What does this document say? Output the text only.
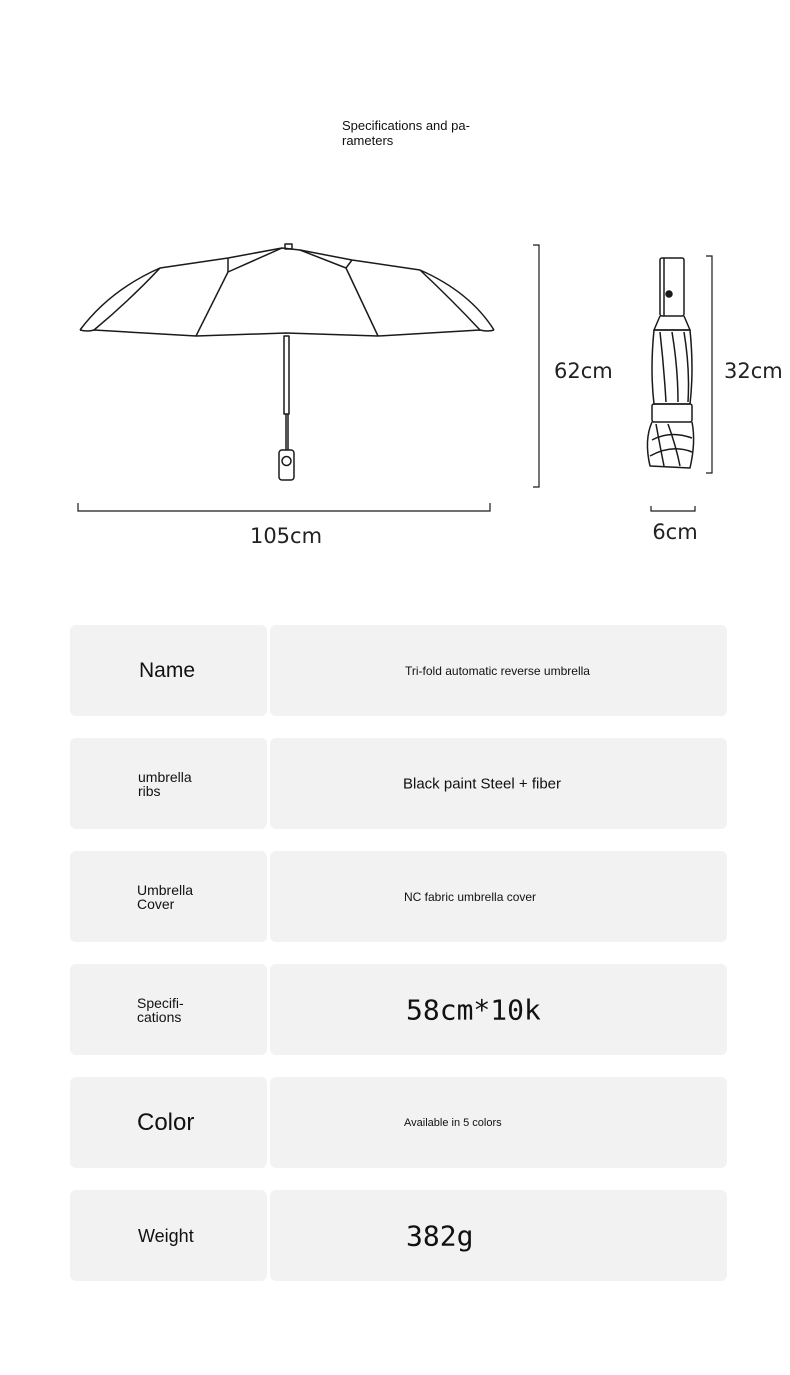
Specifications and pa-
rameters
105cm
62cm	32cm
6cm
Name	Tri-fold automatic reverse umbrella
umbrella
ribs	Black paint Steel + fiber
Umbrella
Cover	NC fabric umbrella cover
Specifi-
cations	58cm*10k
Color	Available in 5 colors
Weight	382g
